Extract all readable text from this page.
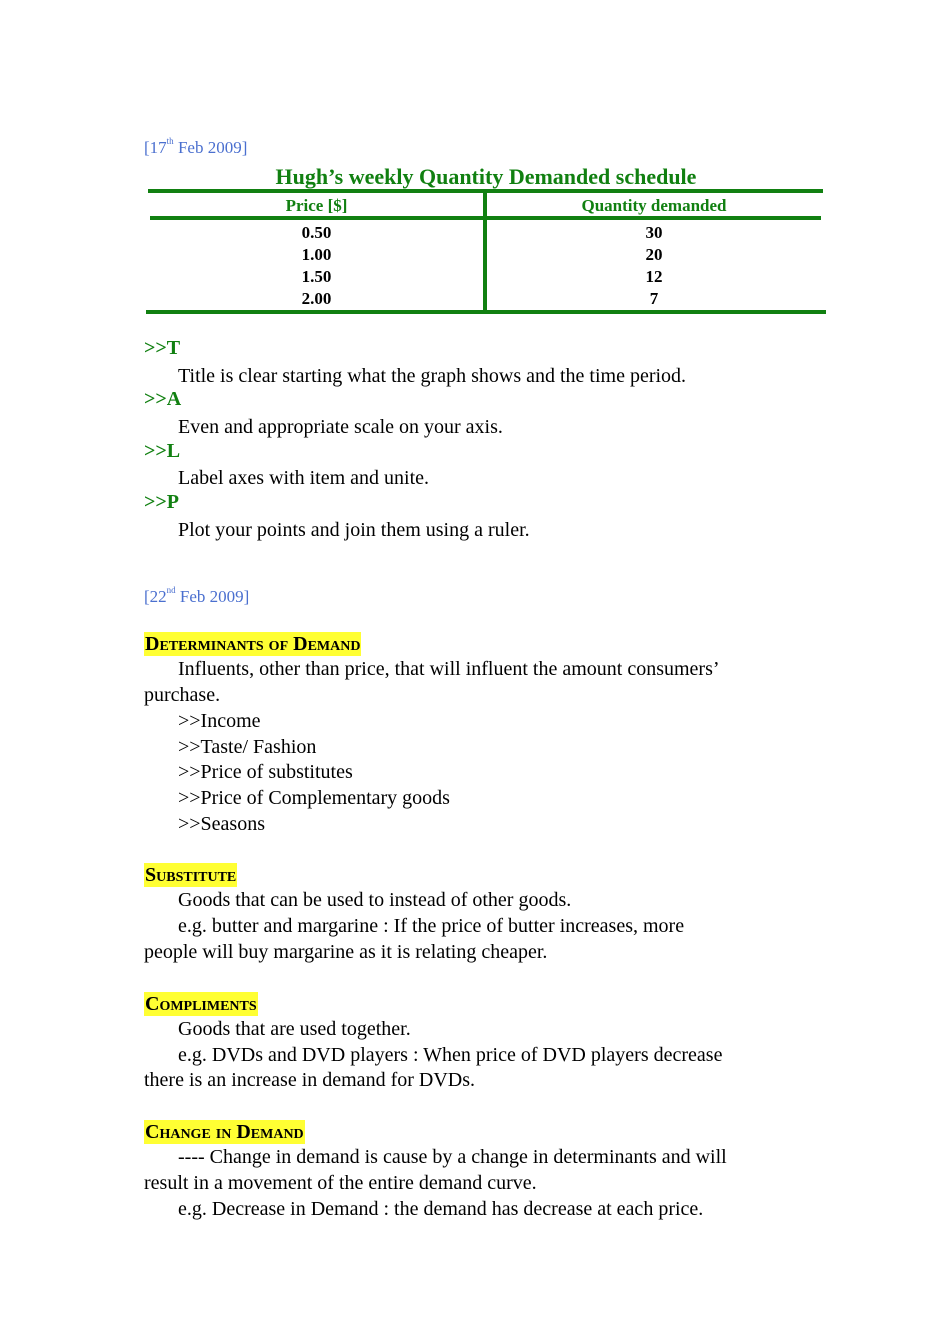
[17th Feb 2009]
Hugh’s weekly Quantity Demanded schedule
Price [$]	Quantity demanded
0.50	30
1.00	20
1.50	12
2.00	7
>>T
Title is clear starting what the graph shows and the time period.
>>A
Even and appropriate scale on your axis.
>>L
Label axes with item and unite.
>>P
Plot your points and join them using a ruler.
[22nd Feb 2009]
Determinants of Demand
Influents, other than price, that will influent the amount consumers’
purchase.
>>Income
>>Taste/ Fashion
>>Price of substitutes
>>Price of Complementary goods
>>Seasons
Substitute
Goods that can be used to instead of other goods.
e.g. butter and margarine : If the price of butter increases, more
people will buy margarine as it is relating cheaper.
Compliments
Goods that are used together.
e.g. DVDs and DVD players : When price of DVD players decrease
there is an increase in demand for DVDs.
Change in Demand
---- Change in demand is cause by a change in determinants and will
result in a movement of the entire demand curve.
e.g. Decrease in Demand : the demand has decrease at each price.
